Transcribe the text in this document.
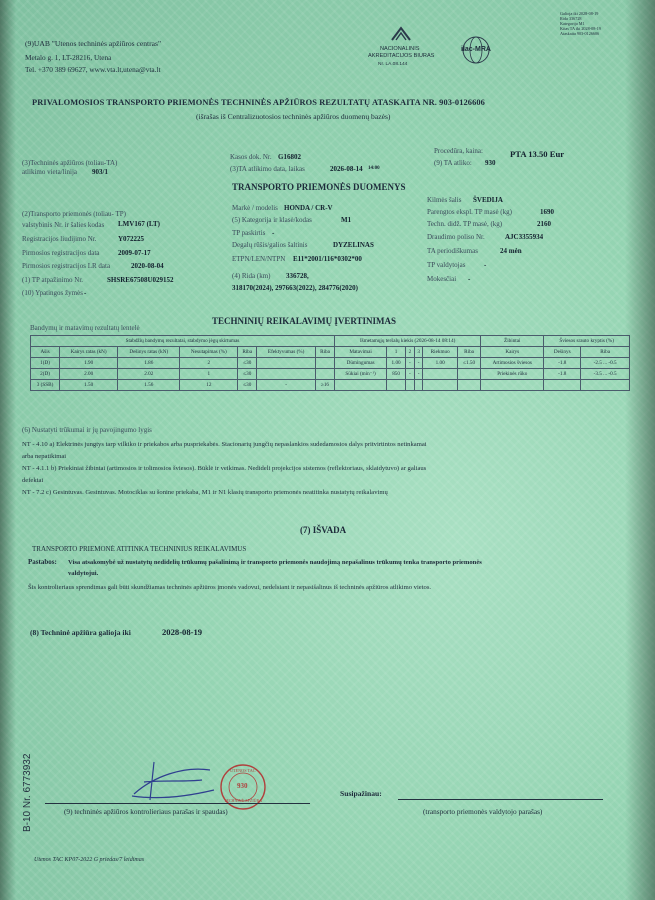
(9)UAB "Utenos techninės apžiūros centras"
Metalo g. 1, LT-28216, Utena
Tel. +370 389 69627, www.vta.lt,utena@vta.lt
NACIONALINIS
AKREDITACIJOS BIURAS
Nr. LA.08.144
ilac-MRA
Galioja iki 2028-08-19
Rida 336728
Kategorija M1
Kitas TA iki 2028-08-19
Ataskaita 903-0126606
PRIVALOMOSIOS TRANSPORTO PRIEMONĖS TECHNINĖS APŽIŪROS REZULTATŲ ATASKAITA NR. 903-0126606
(išrašas iš Centralizuotosios techninės apžiūros duomenų bazės)
(3)Techninės apžiūros (toliau-TA)
atlikimo vieta/linija 903/1
Kasos dok. Nr. G16802
(3)TA atlikimo data, laikas	2026-08-14 14:00
Procedūra, kaina:	PTA 13.50 Eur
(9) TA atliko: 930
TRANSPORTO PRIEMONĖS DUOMENYS
(2)Transporto priemonės (toliau- TP)
valstybinis Nr. ir šalies kodas LMV167 (LT)
Registracijos liudijimo Nr.	Y072225
Pirmosios registracijos data	2009-07-17
Pirmosios registracijos LR data	2020-08-04
(1) TP atpažinimo Nr.	SHSRE67508U029152
(10) Ypatingos žymės -
Markė / modelis HONDA / CR-V
(5) Kategorija ir klasė/kodas	M1
TP paskirtis -
Degalų rūšis/galios šaltinis	DYZELINAS
ETPN/LEN/NTPN E11*2001/116*0302*00
(4) Rida (km) 336728,
318170(2024), 297663(2022), 284776(2020)
Kilmės šalis ŠVEDIJA
Parengtos ekspl. TP masė (kg)	1690
Techn. didž. TP masė, (kg)	2160
Draudimo poliso Nr.	AJC3355934
TA periodiškumas	24 mėn
TP valdytojas	-
Mokesčiai -
TECHNINIŲ REIKALAVIMŲ ĮVERTINIMAS
Bandymų ir matavimų rezultatų lentelė
Stabdžių bandymų rezultatai, stabdymo jėgų skirtumas							Išmetamųjų teršalų kiekis (2026-08-14 08:14)						Žibintai	Šviesos srauto kryptis (%)	
Ašis	Kairys ratas (kN)	Dešinys ratas (kN)	Nesutapimas (%)	Riba	Efektyvumas (%)	Riba	Matavimai	1	2	3	Riekmuo	Riba	Kairys	Dešinys	Riba
1(D)	1.90	1.86	2	≤30			Dūmingumas	1.00	-	-	1.00	≤1.50	Artimosios šviesos	-1.8	-2.5 ... -0.5
2(D)	2.00	2.02	1	≤30			Sūkiai (min⁻¹)	850	-	-			Priekinės rūko	-1.8	-3.5 ... -0.5
3 (SSB)	1.50	1.56	12	≤30	-	≥16									
(6) Nustatyti trūkumai ir jų pavojingumo lygis
NT - 4.10 a) Elektrinės jungtys tarp vilkiko ir priekabos arba puspriekabės. Stacionarių jungčių nepaslankios sudedamosios dalys pritvirtintos netinkamai
arba nepatikimai
NT - 4.1.1 b) Priekiniai žibintai (artimosios ir tolimosios šviesos). Būklė ir veikimas. Nedideli projekcijos sistemos (reflektoriaus, sklaidytuvo) ar galiaus
defektai
NT - 7.2 c) Gesintuvas. Gesintuvas. Motociklas su šonine priekaba, M1 ir N1 klasių transporto priemonės neatitinka nustatytų reikalavimų
(7) IŠVADA
TRANSPORTO PRIEMONĖ ATITINKA TECHNINIUS REIKALAVIMUS
Pastabos: Visa atsakomybė už nustatytų nedidelių trūkumų pašalinimą ir transporto priemonės naudojimą nepašalinus trūkumų tenka transporto priemonės
valdytojui.
Šis kontrolieriaus sprendimas gali būti skundžiamas techninės apžiūros įmonės vadovui, nedelsiant ir nepasišalinus iš techninės apžiūros atlikimo vietos.
(8) Techninė apžiūra galioja iki	2028-08-19
UTENOS TAC
930
TECHNINĖ APŽIŪRA
(9) techninės apžiūros kontrolieriaus parašas ir spaudas)
Susipažinau:
(transporto priemonės valdytojo parašas)
B-10 Nr. 6773932
Utenos TAC KP07-2022 G priedas/7 leidimas
